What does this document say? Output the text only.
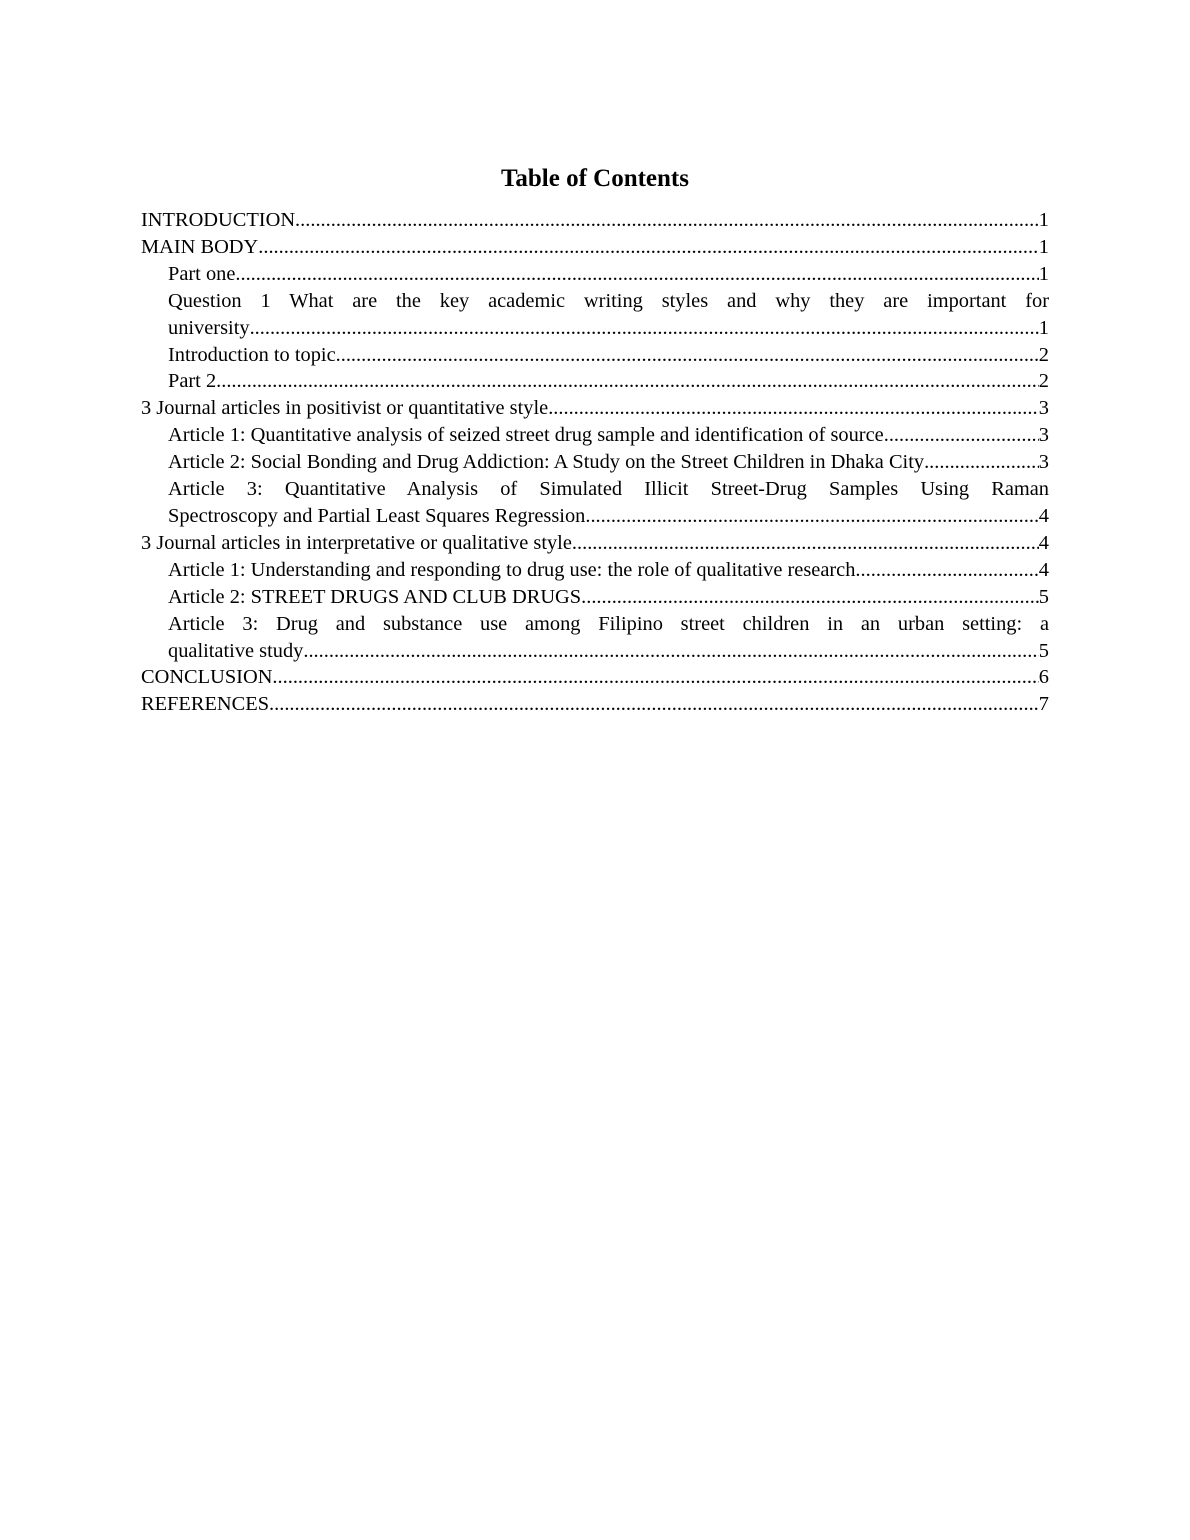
Table of Contents
INTRODUCTION .....	1
MAIN BODY .....	1
Part one .....	1
Question 1 What are the key academic writing styles and why they are important for
university .....	1
Introduction to topic .....	2
Part 2 .....	2
3 Journal articles in positivist or quantitative style .....	3
Article 1: Quantitative analysis of seized street drug sample and identification of source .....	3
Article 2: Social Bonding and Drug Addiction: A Study on the Street Children in Dhaka City .....	3
Article 3: Quantitative Analysis of Simulated Illicit Street-Drug Samples Using Raman
Spectroscopy and Partial Least Squares Regression .....	4
3 Journal articles in interpretative or qualitative style .....	4
Article 1: Understanding and responding to drug use: the role of qualitative research .....	4
Article 2: STREET DRUGS AND CLUB DRUGS .....	5
Article 3: Drug and substance use among Filipino street children in an urban setting: a
qualitative study .....	5
CONCLUSION .....	6
REFERENCES .....	7
